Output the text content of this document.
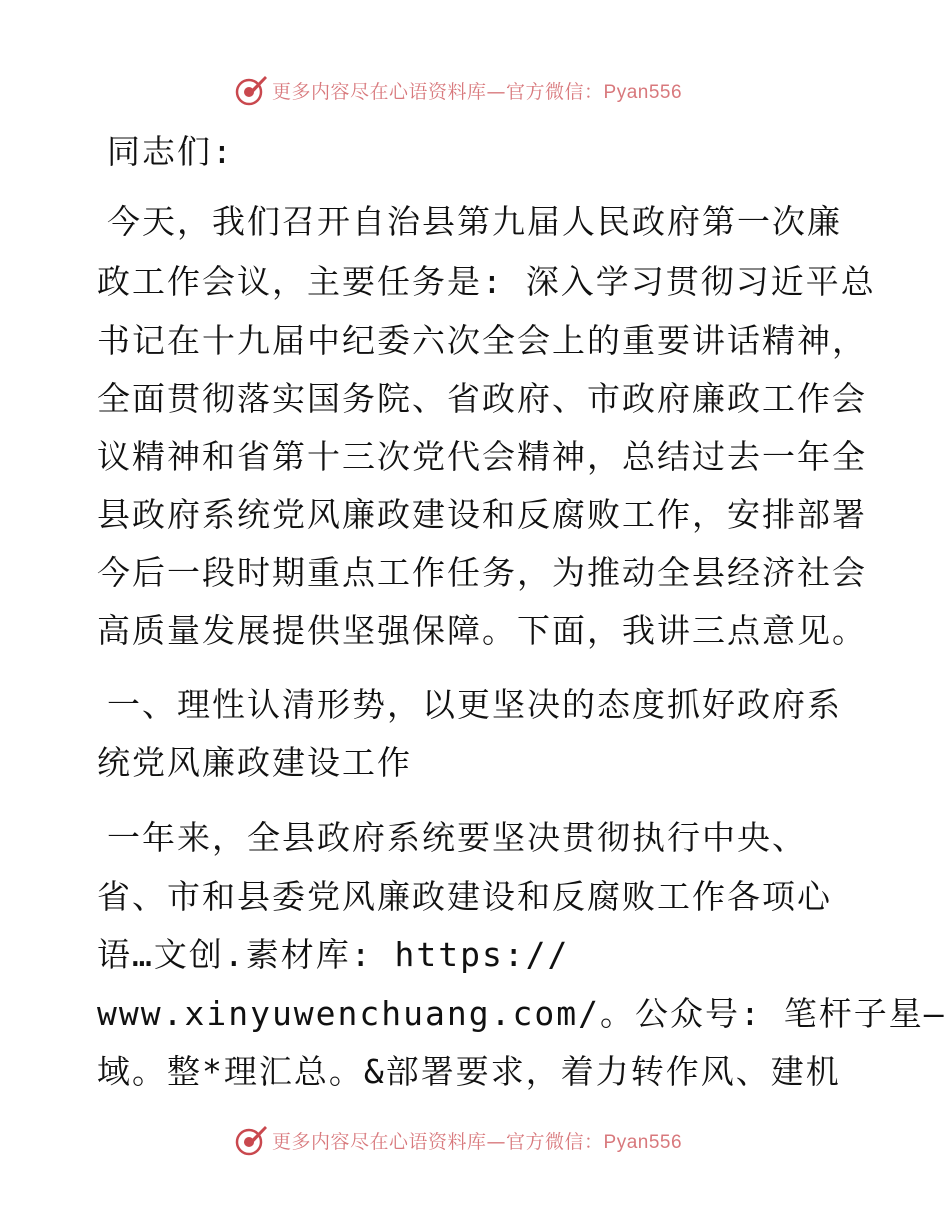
更多内容尽在心语资料库—官方微信：Pyan556
同志们:
今天，我们召开自治县第九届人民政府第一次廉
政工作会议，主要任务是: 深入学习贯彻习近平总
书记在十九届中纪委六次全会上的重要讲话精神，
全面贯彻落实国务院、省政府、市政府廉政工作会
议精神和省第十三次党代会精神，总结过去一年全
县政府系统党风廉政建设和反腐败工作，安排部署
今后一段时期重点工作任务，为推动全县经济社会
高质量发展提供坚强保障。下面，我讲三点意见。
一、理性认清形势，以更坚决的态度抓好政府系
统党风廉政建设工作
一年来，全县政府系统要坚决贯彻执行中央、
省、市和县委党风廉政建设和反腐败工作各项心
语…文创.素材库: https://
www.xinyuwenchuang.com/。公众号: 笔杆子星—
域。整*理汇总。&部署要求，着力转作风、建机
更多内容尽在心语资料库—官方微信：Pyan556
